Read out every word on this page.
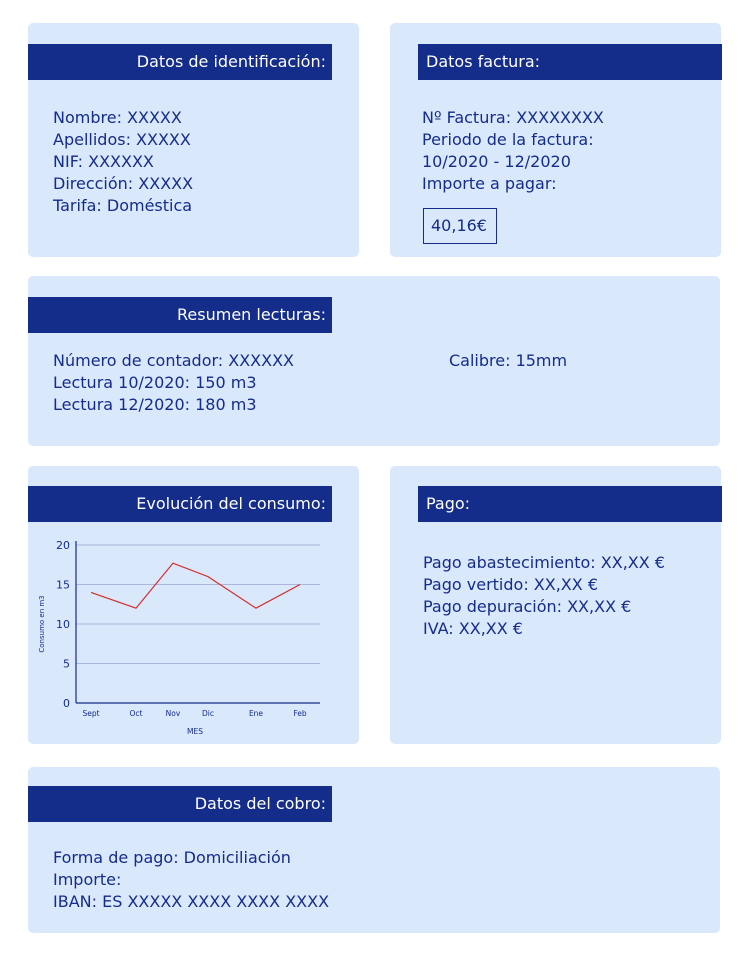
Datos de identificación:
Nombre: XXXXX
Apellidos: XXXXX
NIF: XXXXXX
Dirección: XXXXX
Tarifa: Doméstica
Datos factura:
Nº Factura: XXXXXXXX
Periodo de la factura:
10/2020 - 12/2020
Importe a pagar:
40,16€
Resumen lecturas:
Número de contador: XXXXXX
Lectura 10/2020: 150 m3
Lectura 12/2020: 180 m3
Calibre: 15mm
Evolución del consumo:
0
5
10
15
20
Sept	Oct	Nov	Dic	Ene	Feb
MES
Consumo en m3
Pago:
Pago abastecimiento: XX,XX €
Pago vertido: XX,XX €
Pago depuración: XX,XX €
IVA: XX,XX €
Datos del cobro:
Forma de pago: Domiciliación
Importe:
IBAN: ES XXXXX XXXX XXXX XXXX
